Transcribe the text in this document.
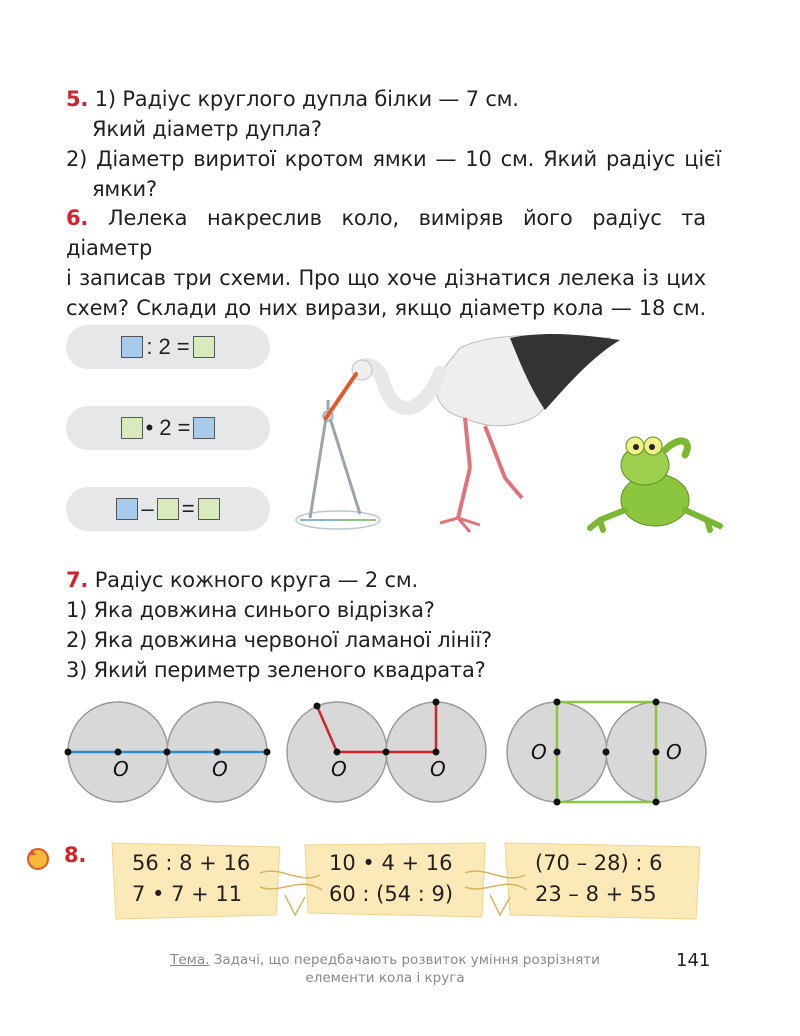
5. 1) Радіус круглого дупла білки — 7 см.
Який діаметр дупла?
2) Діаметр виритої кротом ямки — 10 см. Який радіус цієї
ямки?
6. Лелека накреслив коло, виміряв його радіус та діаметр
і записав три схеми. Про що хоче дізнатися лелека із цих
схем? Склади до них вирази, якщо діаметр кола — 18 см.
: 2 =
• 2 =
– =
7. Радіус кожного круга — 2 см.
1) Яка довжина синього відрізка?
2) Яка довжина червоної ламаної лінії?
3) Який периметр зеленого квадрата?
O	O	O	O
O	O
8. 56 : 8 + 16
7 • 7 + 11
10 • 4 + 16
60 : (54 : 9)
(70 – 28) : 6
23 – 8 + 55
Тема. Задачі, що передбачають розвиток уміння розрізняти
елементи кола і круга
141
